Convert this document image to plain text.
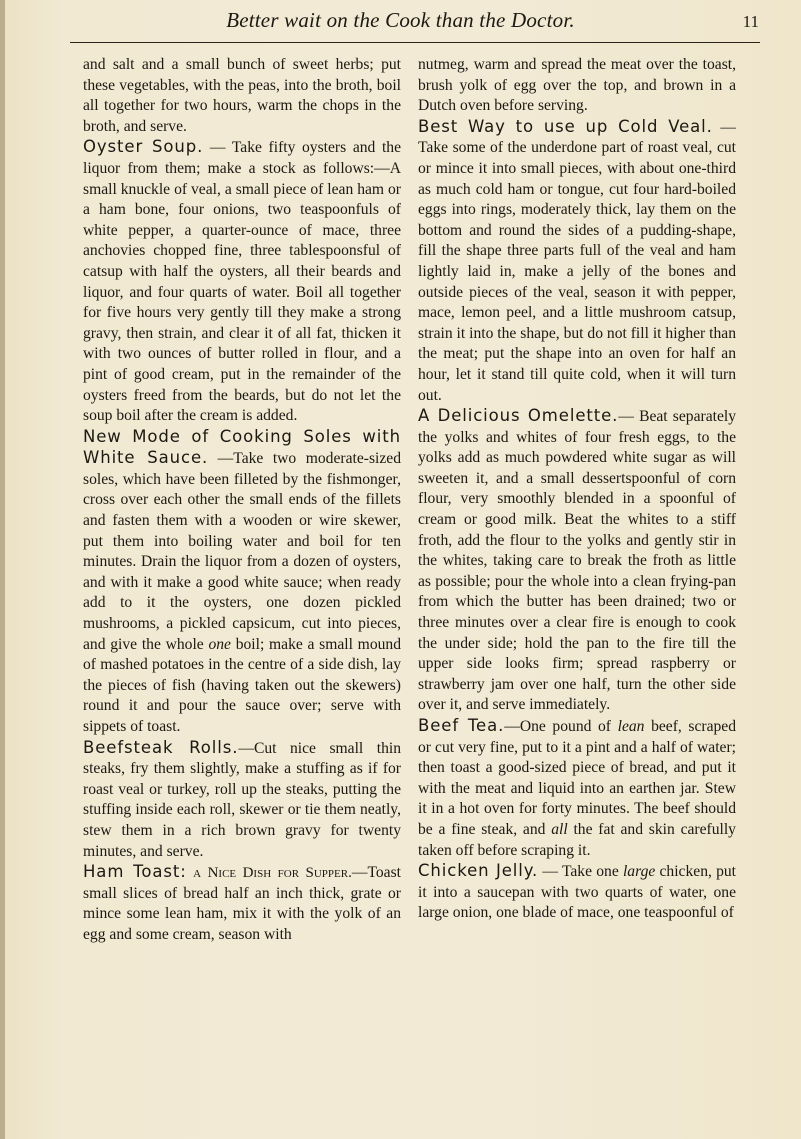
Better wait on the Cook than the Doctor.	11

and salt and a small bunch of sweet herbs; put these vegetables, with the peas, into the broth, boil all together for two hours, warm the chops in the broth, and serve.

Oyster Soup. — Take fifty oysters and the liquor from them; make a stock as follows:—A small knuckle of veal, a small piece of lean ham or a ham bone, four onions, two teaspoonfuls of white pepper, a quarter-ounce of mace, three anchovies chopped fine, three tablespoonsful of catsup with half the oysters, all their beards and liquor, and four quarts of water. Boil all together for five hours very gently till they make a strong gravy, then strain, and clear it of all fat, thicken it with two ounces of butter rolled in flour, and a pint of good cream, put in the remainder of the oysters freed from the beards, but do not let the soup boil after the cream is added.

New Mode of Cooking Soles with White Sauce. —Take two moderate-sized soles, which have been filleted by the fishmonger, cross over each other the small ends of the fillets and fasten them with a wooden or wire skewer, put them into boiling water and boil for ten minutes. Drain the liquor from a dozen of oysters, and with it make a good white sauce; when ready add to it the oysters, one dozen pickled mushrooms, a pickled capsicum, cut into pieces, and give the whole one boil; make a small mound of mashed potatoes in the centre of a side dish, lay the pieces of fish (having taken out the skewers) round it and pour the sauce over; serve with sippets of toast.

Beefsteak Rolls.—Cut nice small thin steaks, fry them slightly, make a stuffing as if for roast veal or turkey, roll up the steaks, putting the stuffing inside each roll, skewer or tie them neatly, stew them in a rich brown gravy for twenty minutes, and serve.

Ham Toast: a Nice Dish for Supper.—Toast small slices of bread half an inch thick, grate or mince some lean ham, mix it with the yolk of an egg and some cream, season with

nutmeg, warm and spread the meat over the toast, brush yolk of egg over the top, and brown in a Dutch oven before serving.

Best Way to use up Cold Veal. — Take some of the underdone part of roast veal, cut or mince it into small pieces, with about one-third as much cold ham or tongue, cut four hard-boiled eggs into rings, moderately thick, lay them on the bottom and round the sides of a pudding-shape, fill the shape three parts full of the veal and ham lightly laid in, make a jelly of the bones and outside pieces of the veal, season it with pepper, mace, lemon peel, and a little mushroom catsup, strain it into the shape, but do not fill it higher than the meat; put the shape into an oven for half an hour, let it stand till quite cold, when it will turn out.

A Delicious Omelette.— Beat separately the yolks and whites of four fresh eggs, to the yolks add as much powdered white sugar as will sweeten it, and a small dessertspoonful of corn flour, very smoothly blended in a spoonful of cream or good milk. Beat the whites to a stiff froth, add the flour to the yolks and gently stir in the whites, taking care to break the froth as little as possible; pour the whole into a clean frying-pan from which the butter has been drained; two or three minutes over a clear fire is enough to cook the under side; hold the pan to the fire till the upper side looks firm; spread raspberry or strawberry jam over one half, turn the other side over it, and serve immediately.

Beef Tea.—One pound of lean beef, scraped or cut very fine, put to it a pint and a half of water; then toast a good-sized piece of bread, and put it with the meat and liquid into an earthen jar. Stew it in a hot oven for forty minutes. The beef should be a fine steak, and all the fat and skin carefully taken off before scraping it.

Chicken Jelly. — Take one large chicken, put it into a saucepan with two quarts of water, one large onion, one blade of mace, one teaspoonful of
